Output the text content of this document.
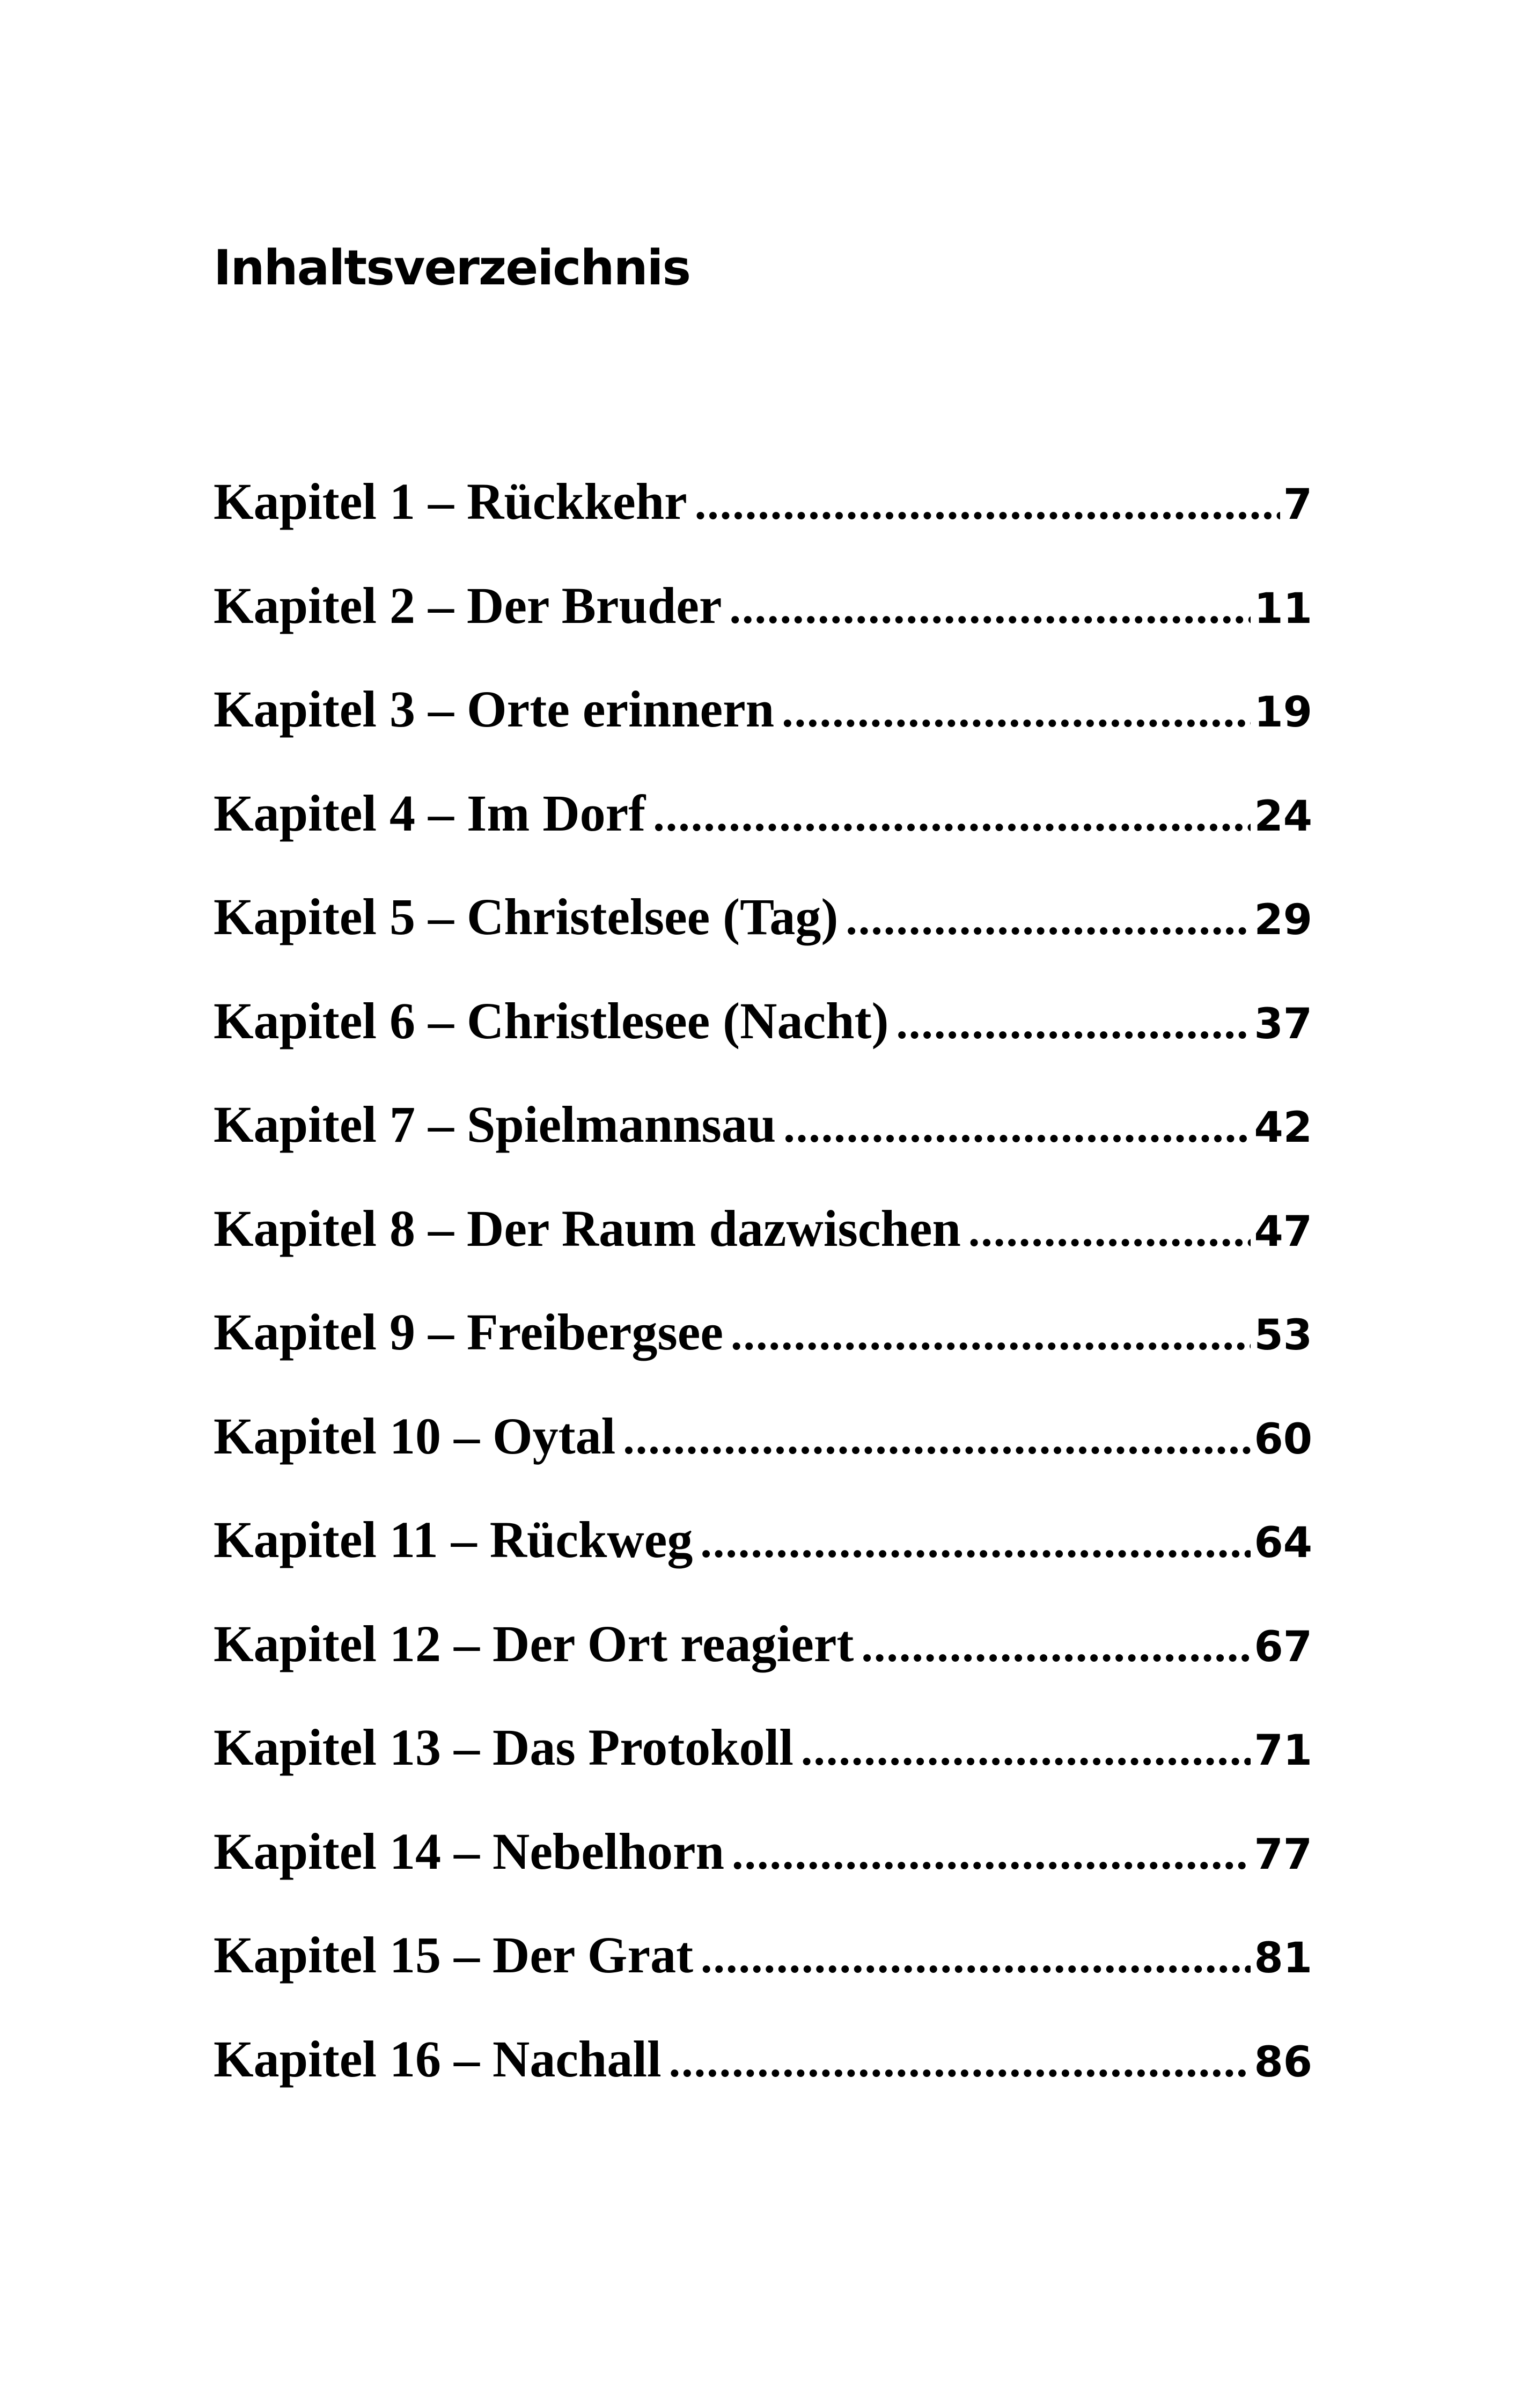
Inhaltsverzeichnis
Kapitel 1 – Rückkehr .....	7
Kapitel 2 – Der Bruder .....	11
Kapitel 3 – Orte erinnern .....	19
Kapitel 4 – Im Dorf .....	24
Kapitel 5 – Christelsee (Tag) .....	29
Kapitel 6 – Christlesee (Nacht) .....	37
Kapitel 7 – Spielmannsau .....	42
Kapitel 8 – Der Raum dazwischen .....	47
Kapitel 9 – Freibergsee .....	53
Kapitel 10 – Oytal .....	60
Kapitel 11 – Rückweg .....	64
Kapitel 12 – Der Ort reagiert .....	67
Kapitel 13 – Das Protokoll .....	71
Kapitel 14 – Nebelhorn .....	77
Kapitel 15 – Der Grat .....	81
Kapitel 16 – Nachall .....	86
